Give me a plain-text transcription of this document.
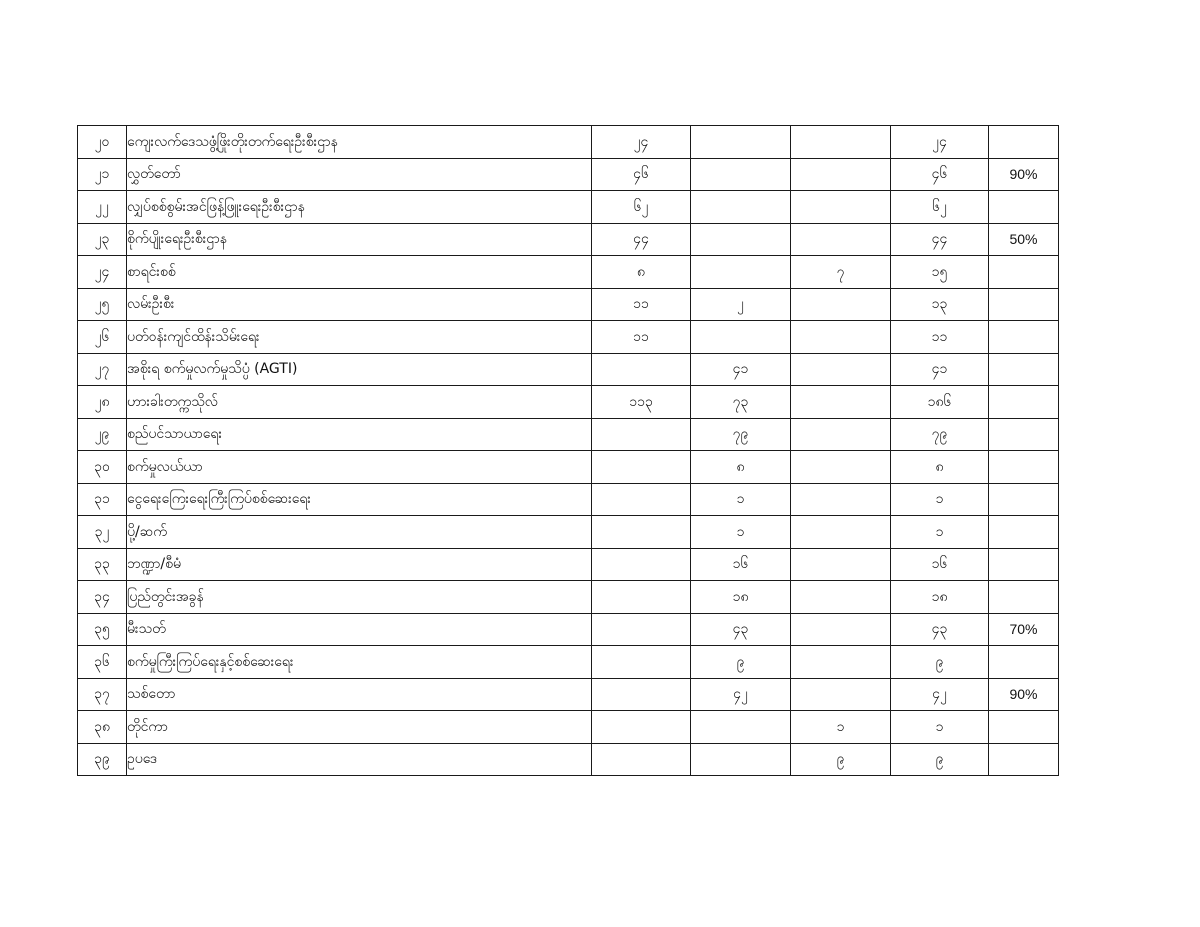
၂၀	ကျေးလက်ဒေသဖွံ့ဖြိုးတိုးတက်ရေးဦးစီးဌာန	၂၄			၂၄	
၂၁	လွှတ်တော်	၄၆			၄၆	90%
၂၂	လျှပ်စစ်စွမ်းအင်ဖြန့်ဖြူးရေးဦးစီးဌာန	၆၂			၆၂	
၂၃	စိုက်ပျိုးရေးဦးစီးဌာန	၄၄			၄၄	50%
၂၄	စာရင်းစစ်	၈		၇	၁၅	
၂၅	လမ်းဦးစီး	၁၁	၂		၁၃	
၂၆	ပတ်ဝန်းကျင်ထိန်းသိမ်းရေး	၁၁			၁၁	
၂၇	အစိုးရ စက်မှုလက်မှုသိပ္ပံ (AGTI)		၄၁		၄၁	
၂၈	ဟားခါးတက္ကသိုလ်	၁၁၃	၇၃		၁၈၆	
၂၉	စည်ပင်သာယာရေး		၇၉		၇၉	
၃၀	စက်မှုလယ်ယာ		၈		၈	
၃၁	ငွေရေးကြေးရေးကြီးကြပ်စစ်ဆေးရေး		၁		၁	
၃၂	ပို့/ဆက်		၁		၁	
၃၃	ဘဏ္ဍာ/စီမံ		၁၆		၁၆	
၃၄	ပြည်တွင်းအခွန်		၁၈		၁၈	
၃၅	မီးသတ်		၄၃		၄၃	70%
၃၆	စက်မှုကြီးကြပ်ရေးနှင့်စစ်ဆေးရေး		၉		၉	
၃၇	သစ်တော		၄၂		၄၂	90%
၃၈	တိုင်ကာ			၁	၁	
၃၉	ဥပဒေ			၉	၉	
